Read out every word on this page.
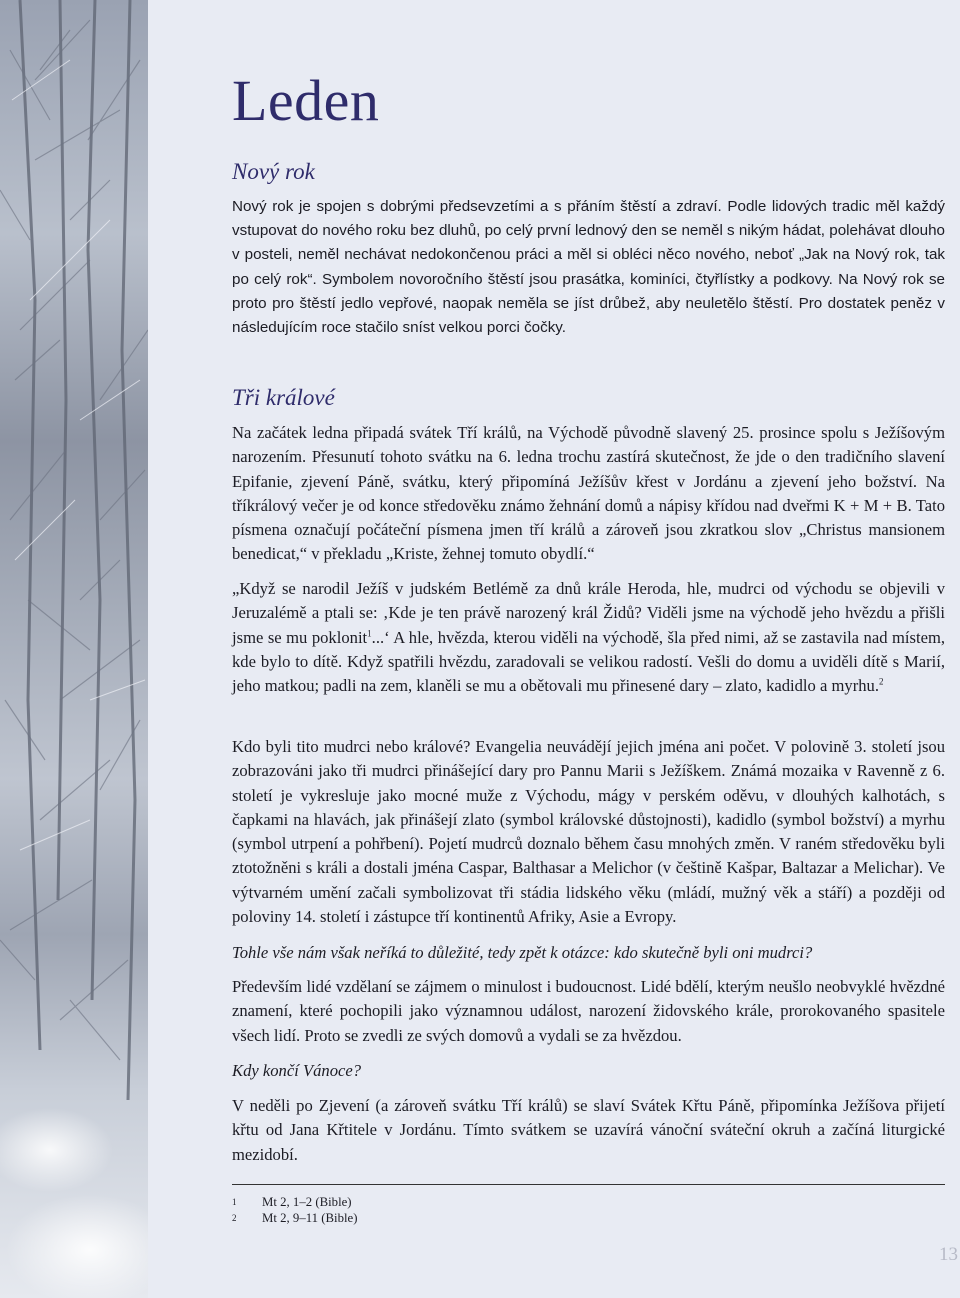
Leden
Nový rok

Nový rok je spojen s dobrými předsevzetími a s přáním štěstí a zdraví. Podle lidových tradic měl každý vstupovat do nového roku bez dluhů, po celý první lednový den se neměl s nikým hádat, polehávat dlouho v posteli, neměl nechávat nedokončenou práci a měl si obléci něco nového, neboť „Jak na Nový rok, tak po celý rok“. Symbolem novoročního štěstí jsou prasátka, kominíci, čtyřlístky a podkovy. Na Nový rok se proto pro štěstí jedlo vepřové, naopak neměla se jíst drůbež, aby neuletělo štěstí. Pro dostatek peněz v následujícím roce stačilo sníst velkou porci čočky.

Tři králové

Na začátek ledna připadá svátek Tří králů, na Východě původně slavený 25. prosince spolu s Ježíšovým narozením. Přesunutí tohoto svátku na 6. ledna trochu zastírá skutečnost, že jde o den tradičního slavení Epifanie, zjevení Páně, svátku, který připomíná Ježíšův křest v Jordánu a zjevení jeho božství. Na tříkrálový večer je od konce středověku známo žehnání domů a nápisy křídou nad dveřmi K + M + B. Tato písmena označují počáteční písmena jmen tří králů a zároveň jsou zkratkou slov „Christus mansionem benedicat,“ v překladu „Kriste, žehnej tomuto obydlí.“

„Když se narodil Ježíš v judském Betlémě za dnů krále Heroda, hle, mudrci od východu se objevili v Jeruzalémě a ptali se: ‚Kde je ten právě narozený král Židů? Viděli jsme na východě jeho hvězdu a přišli jsme se mu poklonit$^1$...‘ A hle, hvězda, kterou viděli na východě, šla před nimi, až se zastavila nad místem, kde bylo to dítě. Když spatřili hvězdu, zaradovali se velikou radostí. Vešli do domu a uviděli dítě s Marií, jeho matkou; padli na zem, klaněli se mu a obětovali mu přinesené dary – zlato, kadidlo a myrhu.$^2$

Kdo byli tito mudrci nebo králové? Evangelia neuvádějí jejich jména ani počet. V polovině 3. století jsou zobrazováni jako tři mudrci přinášející dary pro Pannu Marii s Ježíškem. Známá mozaika v Ravenně z 6. století je vykresluje jako mocné muže z Východu, mágy v perském oděvu, v dlouhých kalhotách, s čapkami na hlavách, jak přinášejí zlato (symbol královské důstojnosti), kadidlo (symbol božství) a myrhu (symbol utrpení a pohřbení). Pojetí mudrců doznalo během času mnohých změn. V raném středověku byli ztotožněni s králi a dostali jména Caspar, Balthasar a Melichor (v češtině Kašpar, Baltazar a Melichar). Ve výtvarném umění začali symbolizovat tři stádia lidského věku (mládí, mužný věk a stáří) a později od poloviny 14. století i zástupce tří kontinentů Afriky, Asie a Evropy.

Tohle vše nám však neříká to důležité, tedy zpět k otázce: kdo skutečně byli oni mudrci?

Především lidé vzdělaní se zájmem o minulost i budoucnost. Lidé bdělí, kterým neušlo neobvyklé hvězdné znamení, které pochopili jako významnou událost, narození židovského krále, prorokovaného spasitele všech lidí. Proto se zvedli ze svých domovů a vydali se za hvězdou.

Kdy končí Vánoce?

V neděli po Zjevení (a zároveň svátku Tří králů) se slaví Svátek Křtu Páně, připomínka Ježíšova přijetí křtu od Jana Křtitele v Jordánu. Tímto svátkem se uzavírá vánoční sváteční okruh a začíná liturgické mezidobí.

1 Mt 2, 1–2 (Bible)
2 Mt 2, 9–11 (Bible)
13
